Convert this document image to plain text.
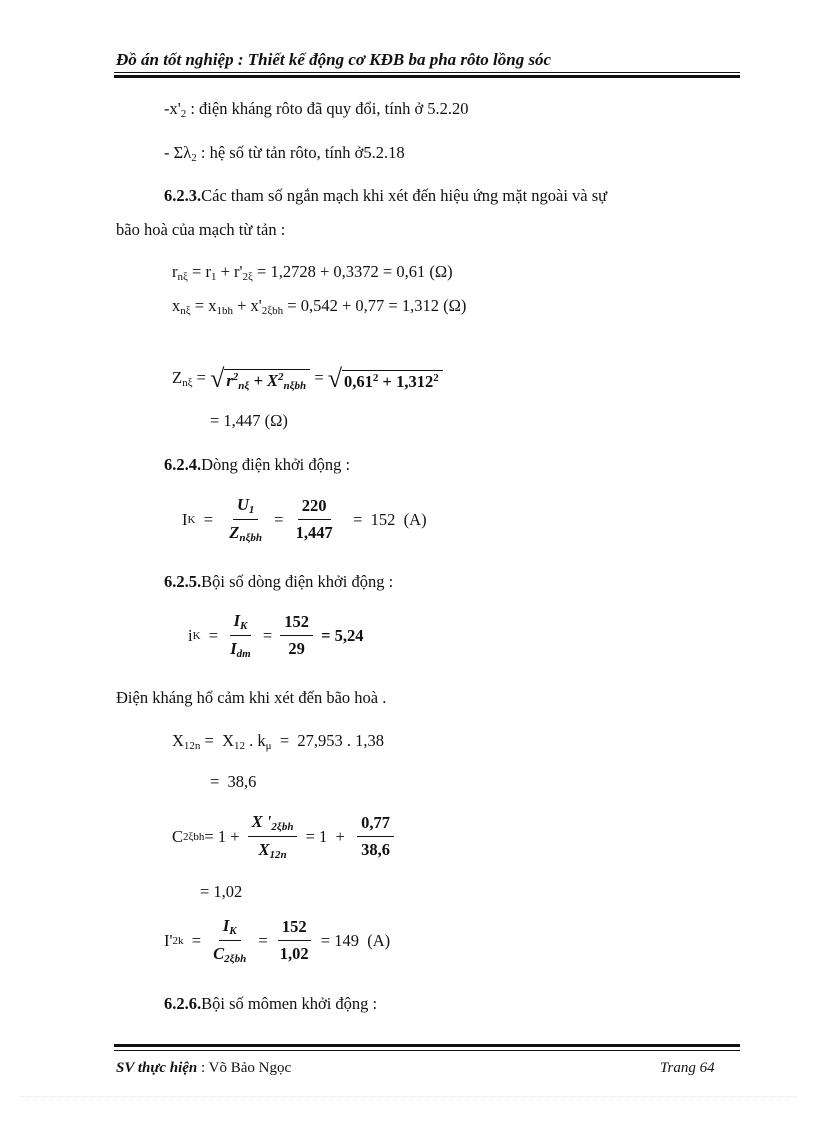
Đồ án tốt nghiệp : Thiết kế động cơ KĐB ba pha rôto lồng sóc
$-x'_2$ : điện kháng rôto đã quy đổi, tính ở 5.2.20
- $\Sigma\lambda_2$ : hệ số từ tản rôto, tính ở5.2.18
6.2.3.Các tham số ngắn mạch khi xét đến hiệu ứng mặt ngoài và sự
bão hoà của mạch từ tản :
$r_{n\xi} = r_1 + r'_{2\xi} = 1,2728 + 0,3372 = 0,61$ (Ω)
$x_{n\xi} = x_{1bh} + x'_{2\xi bh} = 0,542 + 0,77 = 1,312$ (Ω)
$Z_{n\xi}$ = √ $r^2_{n\xi} + X^2_{n\xi bh}$ = √ $0,61^2 + 1,312^2$
= 1,447 (Ω)
6.2.4.Dòng điện khởi động :
I $K = \frac{U_1}{Z_{n\xi bh}} = \frac{220}{1,447} = 152$  (A)
6.2.5.Bội số dòng điện khởi động :
i $K = \frac{I_K}{I_{dm}} = \frac{152}{29} = 5,24$
Điện kháng hổ cảm khi xét đến bão hoà .
$X_{12n} = X_{12}$ . $k_\mu = 27,953$ . 1,38
=  38,6
C $2\xi bh = 1 + \frac{X '_{2\xi bh}}{X_{12n}} = 1 + \frac{0,77}{38,6}$
= 1,02
I' $2k = \frac{I_K}{C_{2\xi bh}} = \frac{152}{1,02} = 149$  (A)
6.2.6.Bội số mômen khởi động :
SV thực hiện : Võ Bảo Ngọc	Trang 64
